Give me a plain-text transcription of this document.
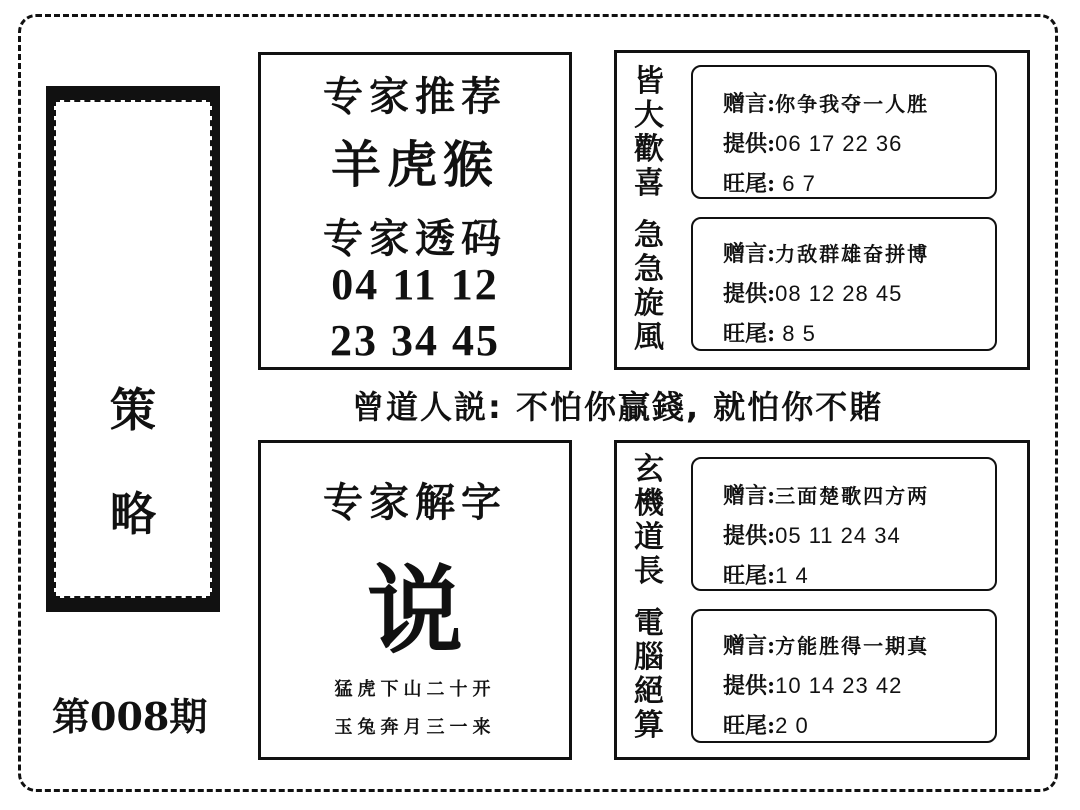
策
略
第008期
专家推荐
羊虎猴
专家透码
04 11 12
23 34 45
曾道人説: 不怕你贏錢, 就怕你不賭
专家解字
说
猛虎下山二十开
玉兔奔月三一来
皆
大
歡
喜
急
急
旋
風
赠言:你争我夺一人胜
提供:06 17 22 36
旺尾: 6 7
赠言:力敌群雄奋拼博
提供:08 12 28 45
旺尾: 8 5
玄
機
道
長
電
腦
絕
算
赠言:三面楚歌四方两
提供:05 11 24 34
旺尾:1 4
赠言:方能胜得一期真
提供:10 14 23 42
旺尾:2 0
